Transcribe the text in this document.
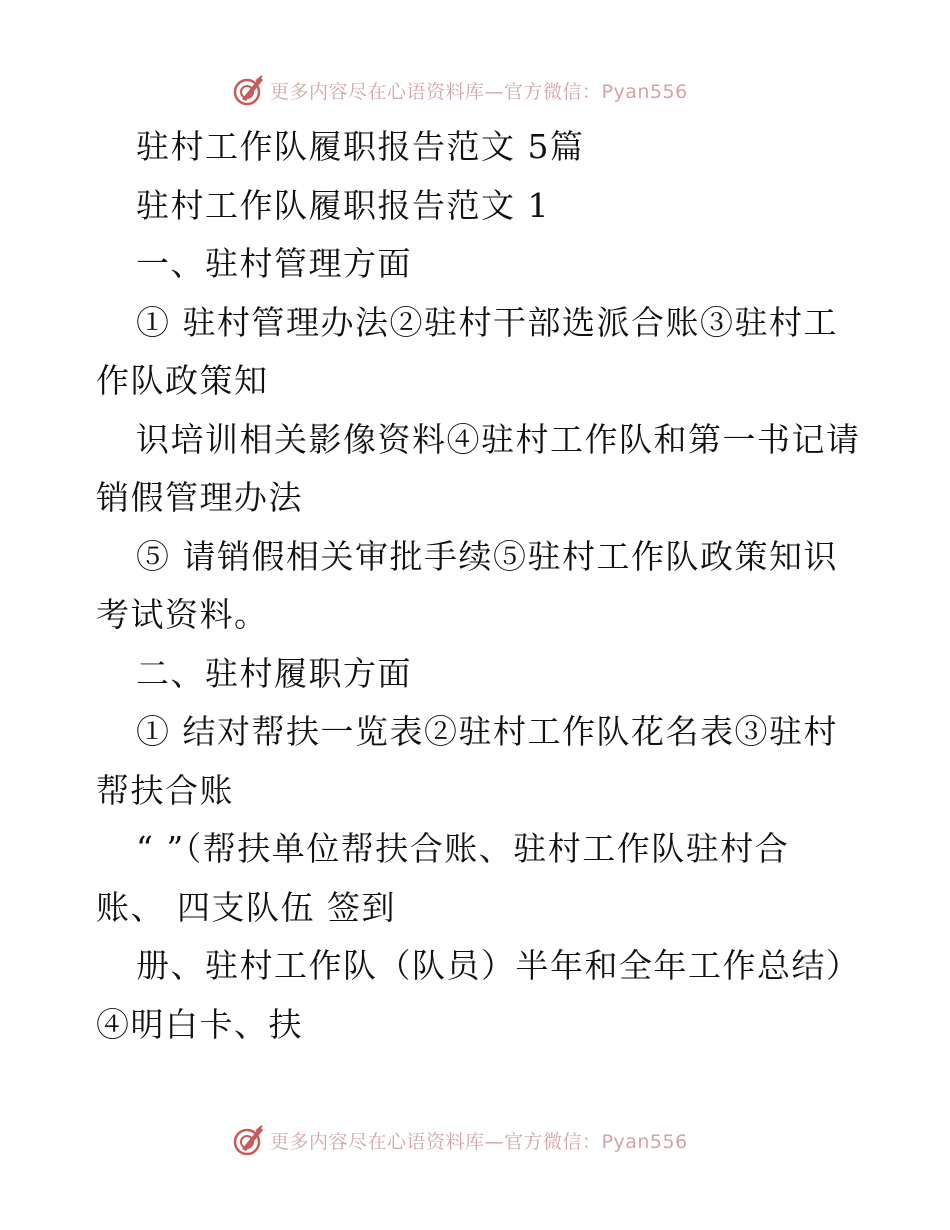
更多内容尽在心语资料库—官方微信：Pyan556
驻村工作队履职报告范文 5篇
驻村工作队履职报告范文 1
一、驻村管理方面
① 驻村管理办法②驻村干部选派合账③驻村工
作队政策知
识培训相关影像资料④驻村工作队和第一书记请
销假管理办法
⑤ 请销假相关审批手续⑤驻村工作队政策知识
考试资料。
二、驻村履职方面
① 结对帮扶一览表②驻村工作队花名表③驻村
帮扶合账
“ ”（帮扶单位帮扶合账、驻村工作队驻村合
账、 四支队伍 签到
册、驻村工作队（队员）半年和全年工作总结）
④明白卡、扶
更多内容尽在心语资料库—官方微信：Pyan556
